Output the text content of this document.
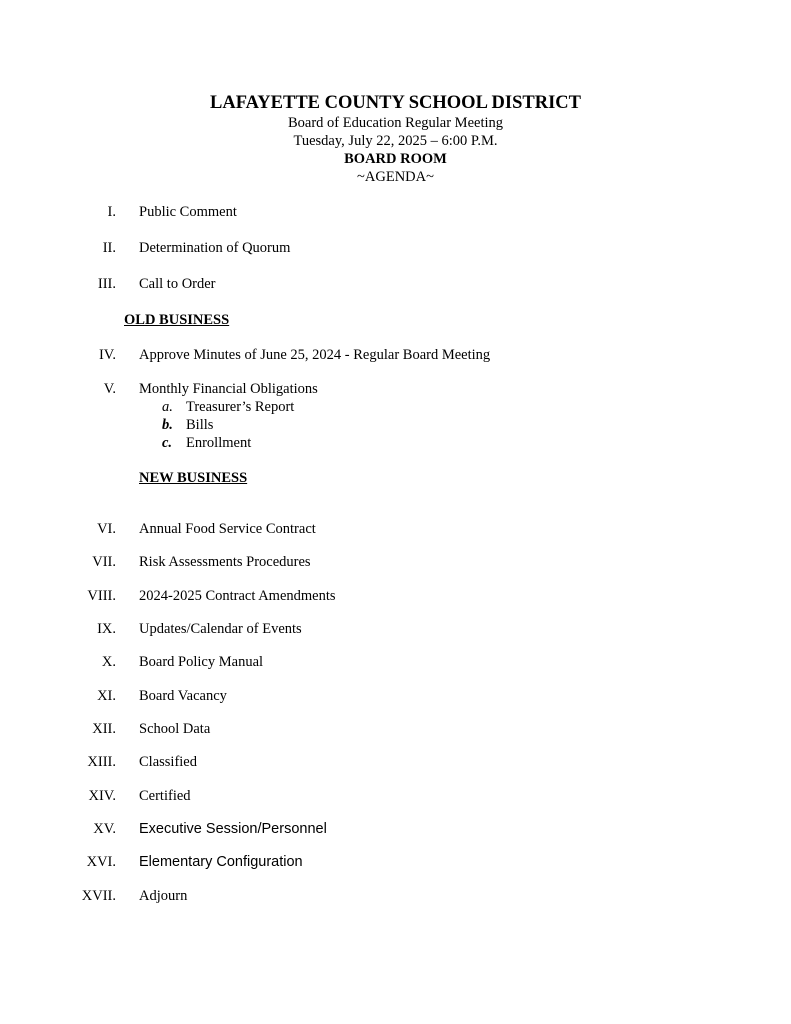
LAFAYETTE COUNTY SCHOOL DISTRICT
Board of Education Regular Meeting
Tuesday, July 22, 2025 – 6:00 P.M.
BOARD ROOM
~AGENDA~
I. Public Comment
II. Determination of Quorum
III. Call to Order
OLD BUSINESS
IV. Approve Minutes of June 25, 2024 - Regular Board Meeting
V. Monthly Financial Obligations
a. Treasurer’s Report
b. Bills
c. Enrollment
NEW BUSINESS
VI. Annual Food Service Contract
VII. Risk Assessments Procedures
VIII. 2024-2025 Contract Amendments
IX. Updates/Calendar of Events
X. Board Policy Manual
XI. Board Vacancy
XII. School Data
XIII. Classified
XIV. Certified
XV. Executive Session/Personnel
XVI. Elementary Configuration
XVII. Adjourn
